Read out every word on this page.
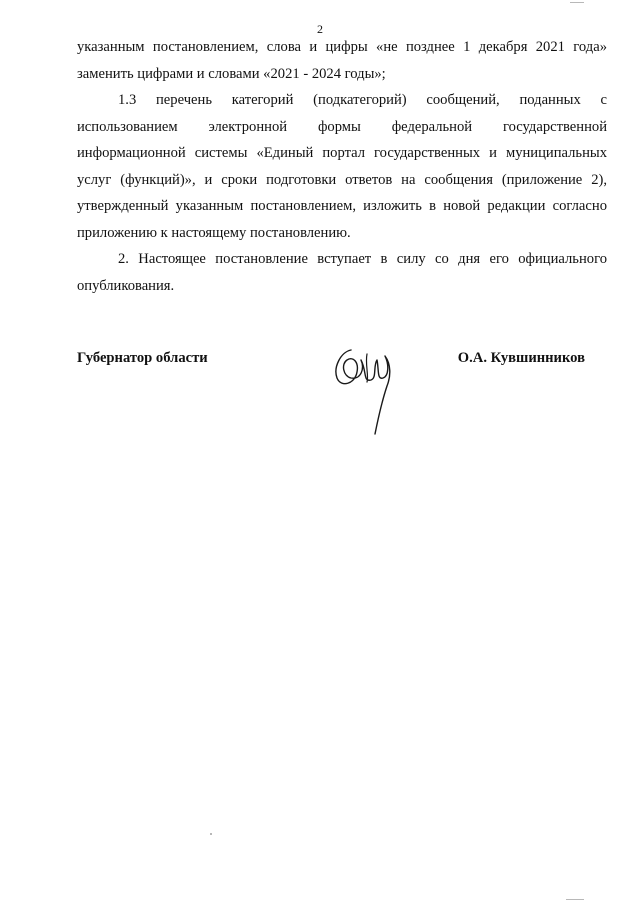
2

указанным постановлением, слова и цифры «не позднее 1 декабря 2021 года» заменить цифрами и словами «2021 - 2024 годы»;

1.3 перечень категорий (подкатегорий) сообщений, поданных с использованием электронной формы федеральной государственной информационной системы «Единый портал государственных и муниципальных услуг (функций)», и сроки подготовки ответов на сообщения (приложение 2), утвержденный указанным постановлением, изложить в новой редакции согласно приложению к настоящему постановлению.

2. Настоящее постановление вступает в силу со дня его официального опубликования.

Губернатор области	О.А. Кувшинников
